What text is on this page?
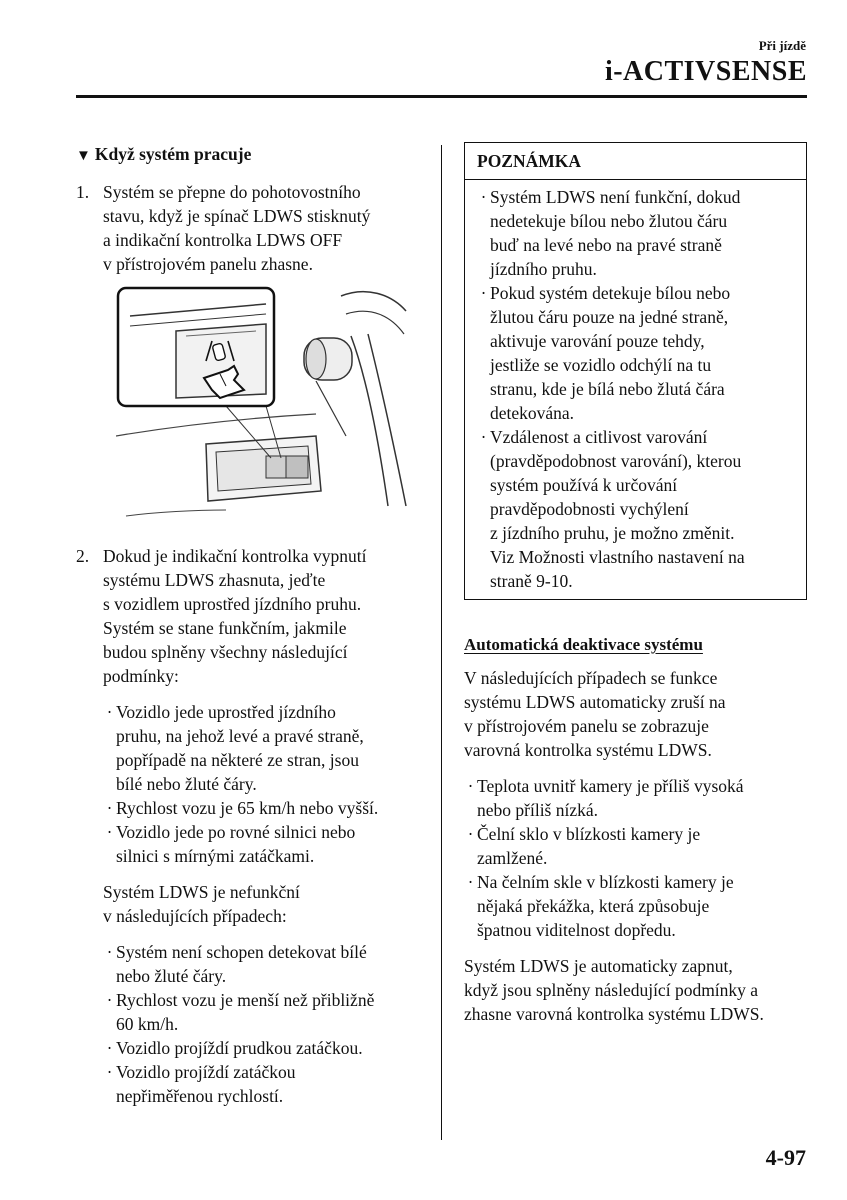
Při jízdě
i-ACTIVSENSE
▼ Když systém pracuje
1. Systém se přepne do pohotovostního
stavu, když je spínač LDWS stisknutý
a indikační kontrolka LDWS OFF
v přístrojovém panelu zhasne.
2. Dokud je indikační kontrolka vypnutí
systému LDWS zhasnuta, jeďte
s vozidlem uprostřed jízdního pruhu.
Systém se stane funkčním, jakmile
budou splněny všechny následující
podmínky:
· Vozidlo jede uprostřed jízdního
pruhu, na jehož levé a pravé straně,
popřípadě na některé ze stran, jsou
bílé nebo žluté čáry.
· Rychlost vozu je 65 km/h nebo vyšší.
· Vozidlo jede po rovné silnici nebo
silnici s mírnými zatáčkami.
Systém LDWS je nefunkční
v následujících případech:
· Systém není schopen detekovat bílé
nebo žluté čáry.
· Rychlost vozu je menší než přibližně
60 km/h.
· Vozidlo projíždí prudkou zatáčkou.
· Vozidlo projíždí zatáčkou
nepřiměřenou rychlostí.
POZNÁMKA
· Systém LDWS není funkční, dokud
nedetekuje bílou nebo žlutou čáru
buď na levé nebo na pravé straně
jízdního pruhu.
· Pokud systém detekuje bílou nebo
žlutou čáru pouze na jedné straně,
aktivuje varování pouze tehdy,
jestliže se vozidlo odchýlí na tu
stranu, kde je bílá nebo žlutá čára
detekována.
· Vzdálenost a citlivost varování
(pravděpodobnost varování), kterou
systém používá k určování
pravděpodobnosti vychýlení
z jízdního pruhu, je možno změnit.
Viz Možnosti vlastního nastavení na
straně 9-10.
Automatická deaktivace systému
V následujících případech se funkce
systému LDWS automaticky zruší na
v přístrojovém panelu se zobrazuje
varovná kontrolka systému LDWS.
· Teplota uvnitř kamery je příliš vysoká
nebo příliš nízká.
· Čelní sklo v blízkosti kamery je
zamlžené.
· Na čelním skle v blízkosti kamery je
nějaká překážka, která způsobuje
špatnou viditelnost dopředu.
Systém LDWS je automaticky zapnut,
když jsou splněny následující podmínky a
zhasne varovná kontrolka systému LDWS.
4-97
